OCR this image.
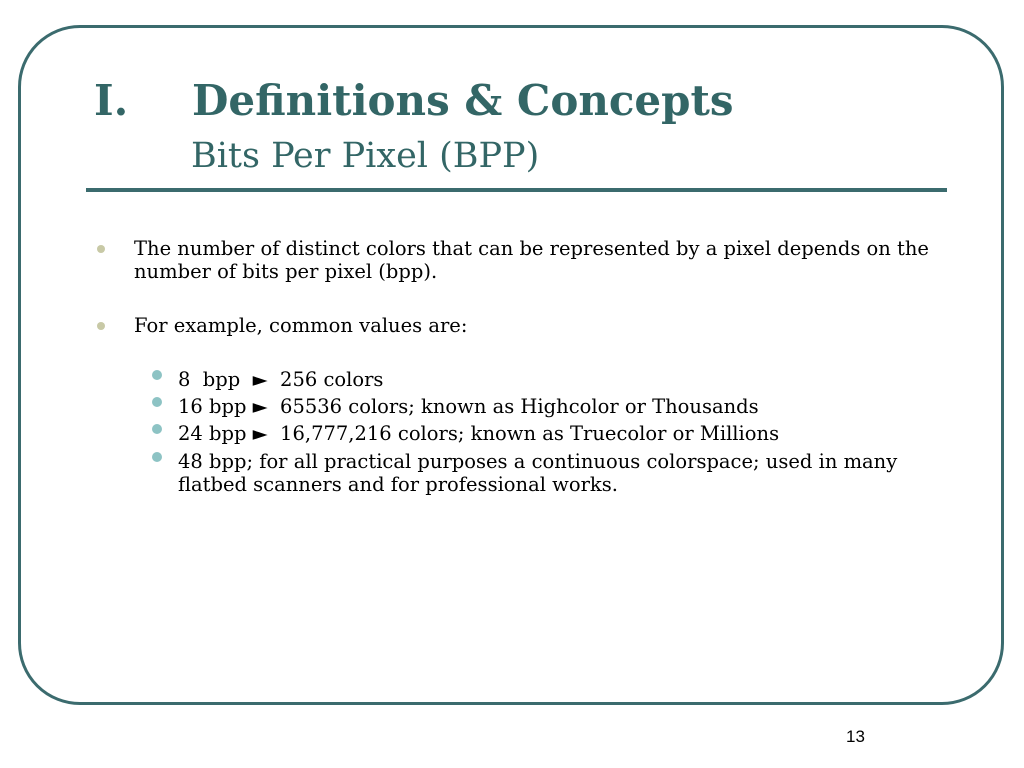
I. Definitions & Concepts
Bits Per Pixel (BPP)
The number of distinct colors that can be represented by a pixel depends on the
number of bits per pixel (bpp).
For example, common values are:
8  bpp  ►  256 colors
16 bpp ►  65536 colors; known as Highcolor or Thousands
24 bpp ►  16,777,216 colors; known as Truecolor or Millions
48 bpp; for all practical purposes a continuous colorspace; used in many
flatbed scanners and for professional works.
13
